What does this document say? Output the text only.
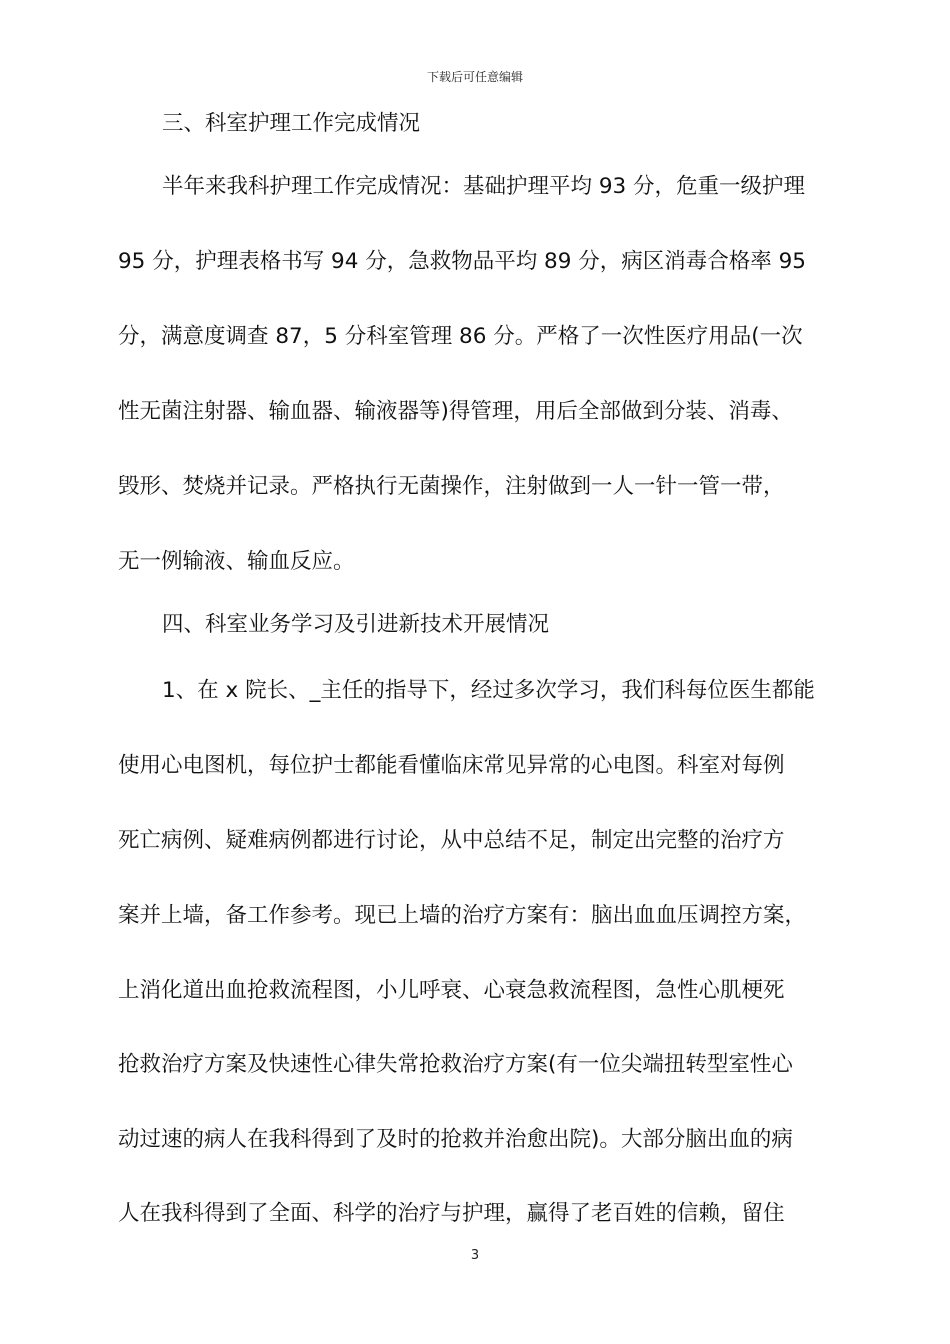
下载后可任意编辑
三、科室护理工作完成情况
半年来我科护理工作完成情况：基础护理平均 93 分，危重一级护理
95 分，护理表格书写 94 分，急救物品平均 89 分，病区消毒合格率 95
分，满意度调查 87，5 分科室管理 86 分。严格了一次性医疗用品(一次
性无菌注射器、输血器、输液器等)得管理，用后全部做到分装、消毒、
毁形、焚烧并记录。严格执行无菌操作，注射做到一人一针一管一带，
无一例输液、输血反应。
四、科室业务学习及引进新技术开展情况
1、在 x 院长、_主任的指导下，经过多次学习，我们科每位医生都能
使用心电图机，每位护士都能看懂临床常见异常的心电图。科室对每例
死亡病例、疑难病例都进行讨论，从中总结不足，制定出完整的治疗方
案并上墙，备工作参考。现已上墙的治疗方案有：脑出血血压调控方案，
上消化道出血抢救流程图，小儿呼衰、心衰急救流程图，急性心肌梗死
抢救治疗方案及快速性心律失常抢救治疗方案(有一位尖端扭转型室性心
动过速的病人在我科得到了及时的抢救并治愈出院)。大部分脑出血的病
人在我科得到了全面、科学的治疗与护理，赢得了老百姓的信赖，留住
3
